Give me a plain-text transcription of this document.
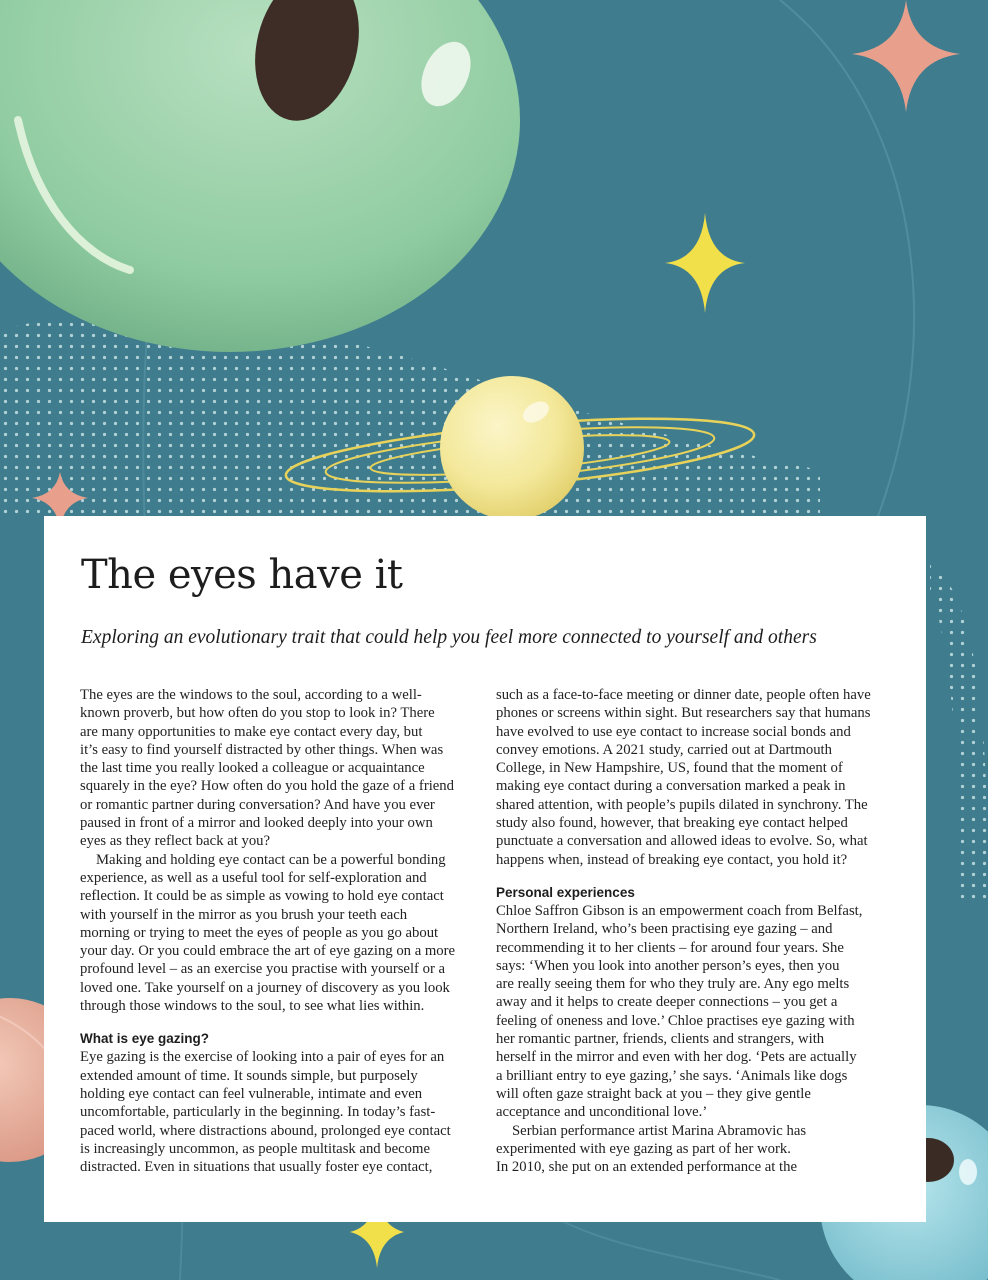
The eyes have it

Exploring an evolutionary trait that could help you feel more connected to yourself and others

The eyes are the windows to the soul, according to a well-

known proverb, but how often do you stop to look in? There

are many opportunities to make eye contact every day, but

it’s easy to find yourself distracted by other things. When was

the last time you really looked a colleague or acquaintance

squarely in the eye? How often do you hold the gaze of a friend

or romantic partner during conversation? And have you ever

paused in front of a mirror and looked deeply into your own

eyes as they reflect back at you?

Making and holding eye contact can be a powerful bonding

experience, as well as a useful tool for self-exploration and

reflection. It could be as simple as vowing to hold eye contact

with yourself in the mirror as you brush your teeth each

morning or trying to meet the eyes of people as you go about

your day. Or you could embrace the art of eye gazing on a more

profound level – as an exercise you practise with yourself or a

loved one. Take yourself on a journey of discovery as you look

through those windows to the soul, to see what lies within.

What is eye gazing?

Eye gazing is the exercise of looking into a pair of eyes for an

extended amount of time. It sounds simple, but purposely

holding eye contact can feel vulnerable, intimate and even

uncomfortable, particularly in the beginning. In today’s fast-

paced world, where distractions abound, prolonged eye contact

is increasingly uncommon, as people multitask and become

distracted. Even in situations that usually foster eye contact,

such as a face-to-face meeting or dinner date, people often have

phones or screens within sight. But researchers say that humans

have evolved to use eye contact to increase social bonds and

convey emotions. A 2021 study, carried out at Dartmouth

College, in New Hampshire, US, found that the moment of

making eye contact during a conversation marked a peak in

shared attention, with people’s pupils dilated in synchrony. The

study also found, however, that breaking eye contact helped

punctuate a conversation and allowed ideas to evolve. So, what

happens when, instead of breaking eye contact, you hold it?

Personal experiences

Chloe Saffron Gibson is an empowerment coach from Belfast,

Northern Ireland, who’s been practising eye gazing – and

recommending it to her clients – for around four years. She

says: ‘When you look into another person’s eyes, then you

are really seeing them for who they truly are. Any ego melts

away and it helps to create deeper connections – you get a

feeling of oneness and love.’ Chloe practises eye gazing with

her romantic partner, friends, clients and strangers, with

herself in the mirror and even with her dog. ‘Pets are actually

a brilliant entry to eye gazing,’ she says. ‘Animals like dogs

will often gaze straight back at you – they give gentle

acceptance and unconditional love.’

Serbian performance artist Marina Abramovic has

experimented with eye gazing as part of her work.

In 2010, she put on an extended performance at the
